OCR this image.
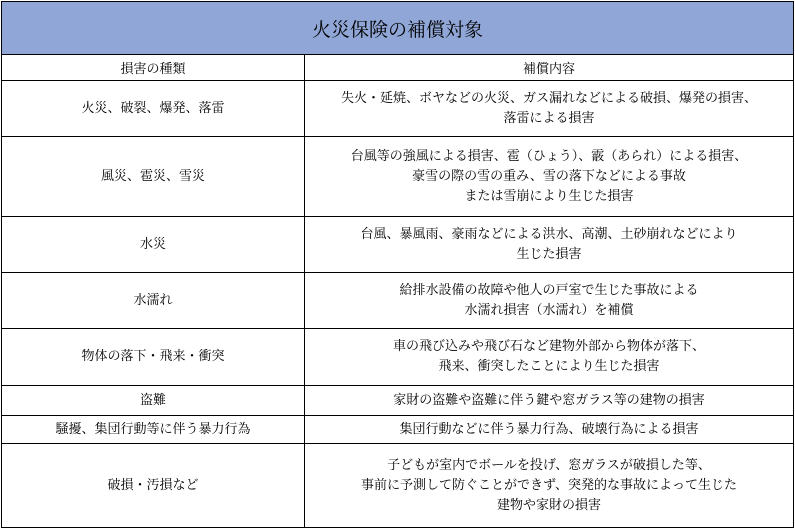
火災保険の補償対象	
損害の種類	補償内容
火災、破裂、爆発、落雷	失火・延焼、ボヤなどの火災、ガス漏れなどによる破損、爆発の損害、
落雷による損害

風災、雹災、雪災	台風等の強風による損害、雹（ひょう）、霰（あられ）による損害、
豪雪の際の雪の重み、雪の落下などによる事故
または雪崩により生じた損害

水災	台風、暴風雨、豪雨などによる洪水、高潮、土砂崩れなどにより
生じた損害

水濡れ	給排水設備の故障や他人の戸室で生じた事故による
水濡れ損害（水濡れ）を補償

物体の落下・飛来・衝突	車の飛び込みや飛び石など建物外部から物体が落下、
飛来、衝突したことにより生じた損害

盗難	家財の盗難や盗難に伴う鍵や窓ガラス等の建物の損害

騒擾、集団行動等に伴う暴力行為	集団行動などに伴う暴力行為、破壊行為による損害

破損・汚損など	子どもが室内でボールを投げ、窓ガラスが破損した等、
事前に予測して防ぐことができず、突発的な事故によって生じた
建物や家財の損害
